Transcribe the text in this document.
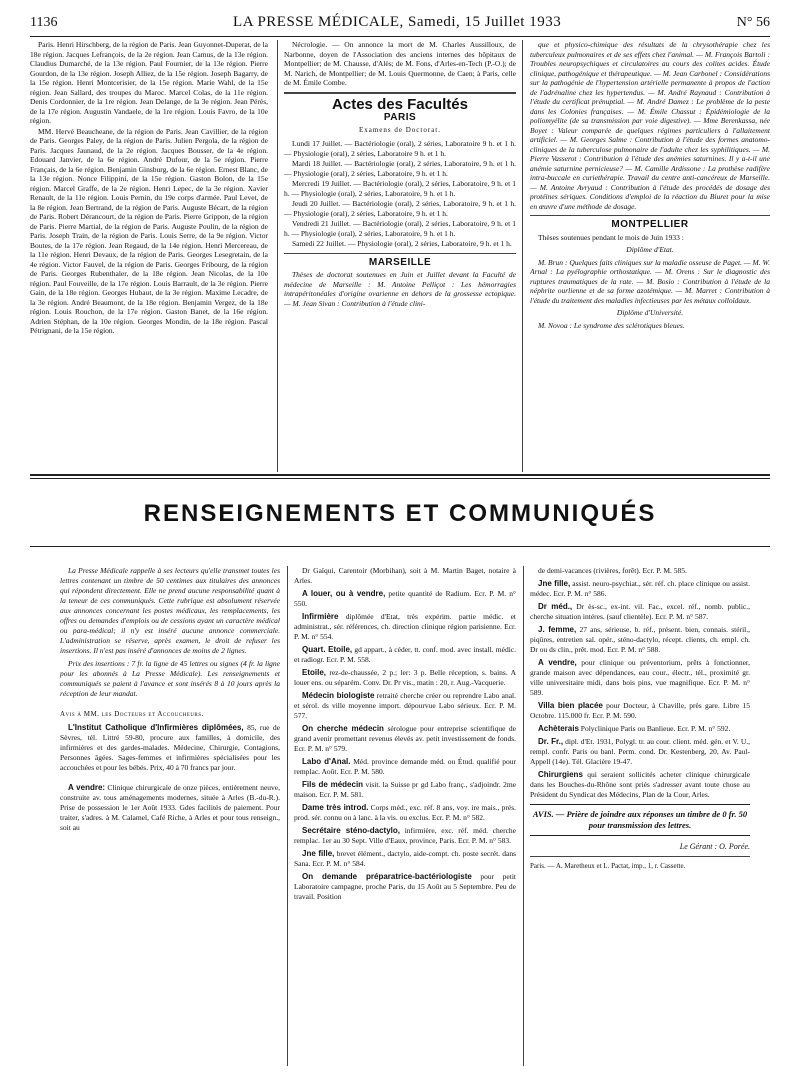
1136	LA PRESSE MÉDICALE, Samedi, 15 Juillet 1933	N° 56

Paris. Henri Hirschberg, de la région de Paris. Jean Guyonnet-Duperat, de la 18e région. Jacques Lefrançois, de la 2e région. Jean Camus, de la 13e région. Claudius Dumarché, de la 13e région. Paul Fournier, de la 13e région. Pierre Gourdon, de la 13e région. Joseph Alliez, de la 15e région. Joseph Bagarry, de la 15e région. Henri Montcerisier, de la 15e région. Marie Wahl, de la 15e région. Jean Sallard, des troupes du Maroc. Marcel Colas, de la 11e région. Denis Cordonnier, de la 1re région. Jean Delange, de la 3e région. Jean Pérès, de la 17e région. Augustin Vandaele, de la 1re région. Louis Favro, de la 10e région.

MM. Hervé Beaucheane, de la région de Paris. Jean Cavillier, de la région de Paris. Georges Paley, de la région de Paris. Julien Pergola, de la région de Paris. Jacques Jaunaud, de la 2e région. Jacques Bousser, de la 4e région. Edouard Janvier, de la 6e région. André Dufour, de la 5e région. Pierre Français, de la 6e région. Benjamin Ginsburg, de la 6e région. Ernest Blanc, de la 13e région. Nonce Filippini, de la 15e région. Gaston Bolon, de la 15e région. Marcel Graffe, de la 2e région. Henri Lepec, de la 3e région. Xavier Renault, de la 11e région. Louis Pernin, du 19e corps d'armée. Paul Levet, de la 8e région. Jean Bertrand, de la région de Paris. Auguste Bécart, de la région de Paris. Robert Dérancourt, de la région de Paris. Pierre Grippon, de la région de Paris. Pierre Martial, de la région de Paris. Auguste Poulin, de la région de Paris. Joseph Train, de la région de Paris. Louis Serre, de la 9e région. Victor Boutes, de la 17e région. Jean Regaud, de la 14e région. Henri Mercereau, de la 11e région. Henri Devaux, de la région de Paris. Georges Lesegretain, de la 4e région. Victor Fauvel, de la région de Paris. Georges Fribourg, de la région de Paris. Georges Rubenthaler, de la 18e région. Jean Nicolas, de la 10e région. Paul Fouveille, de la 17e région. Louis Barrault, de la 3e région. Pierre Gain, de la 18e région. Georges Hubaut, de la 3e région. Maxime Lecadre, de la 3e région. André Beaumont, de la 18e région. Benjamin Vergez, de la 18e région. Louis Rouchon, de la 17e région. Gaston Banet, de la 16e région. Adrien Stéphan, de la 10e région. Georges Mondin, de la 18e région. Pascal Pétrignani, de la 15e région.

Nécrologie. — On annonce la mort de M. Charles Aussilloux, de Narbonne, doyen de l'Association des anciens internes des hôpitaux de Montpellier; de M. Chausse, d'Alès; de M. Fons, d'Arles-en-Tech (P.-O.); de M. Narich, de Montpellier; de M. Louis Quermonne, de Caen; à Paris, celle de M. Émile Combe.

Actes des Facultés
PARIS
Examens de Doctorat.

Lundi 17 Juillet. — Bactériologie (oral), 2 séries, Laboratoire 9 h. et 1 h. — Physiologie (oral), 2 séries, Laboratoire 9 h. et 1 h.

Mardi 18 Juillet. — Bactériologie (oral), 2 séries, Laboratoire, 9 h. et 1 h. — Physiologie (oral), 2 séries, Laboratoire, 9 h. et 1 h.

Mercredi 19 Juillet. — Bactériologie (oral), 2 séries, Laboratoire, 9 h. et 1 h. — Physiologie (oral), 2 séries, Laboratoire, 9 h. et 1 h.

Jeudi 20 Juillet. — Bactériologie (oral), 2 séries, Laboratoire, 9 h. et 1 h. — Physiologie (oral), 2 séries, Laboratoire, 9 h. et 1 h.

Vendredi 21 Juillet. — Bactériologie (oral), 2 séries, Laboratoire, 9 h. et 1 h. — Physiologie (oral), 2 séries, Laboratoire, 9 h. et 1 h.

Samedi 22 Juillet. — Physiologie (oral), 2 séries, Laboratoire, 9 h. et 1 h.

MARSEILLE

Thèses de doctorat soutenues en Juin et Juillet devant la Faculté de médecine de Marseille : M. Antoine Pelliçot : Les hémorragies intrapéritonéales d'origine ovarienne en dehors de la grossesse ectopique. — M. Jean Sivan : Contribution à l'étude clini-

que et physico-chimique des résultats de la chrysothérapie chez les tuberculeux pulmonaires et de ses effets chez l'animal. — M. François Bartoli : Troubles neuropsychiques et circulatoires au cours des colites acides. Étude clinique, pathogénique et thérapeutique. — M. Jean Carbonel : Considérations sur la pathogénie de l'hypertension artérielle permanente à propos de l'action de l'adrénaline chez les hypertendus. — M. André Raynaud : Contribution à l'étude du certificat prénuptial. — M. André Damez : Le problème de la peste dans les Colonies françaises. — M. Émile Chassut : Épidémiologie de la poliomyélite (de sa transmission par voie digestive). — Mme Berenkassa, née Boyet : Valeur comparée de quelques régimes particuliers à l'allaitement artificiel. — M. Georges Salme : Contribution à l'étude des formes anatomo-cliniques de la tuberculose pulmonaire de l'adulte chez les syphilitiques. — M. Pierre Vasserot : Contribution à l'étude des anémies saturnines. Il y a-t-il une anémie saturnine pernicieuse? — M. Camille Ardissone : La prothèse radifère intra-buccale en curiethérapie. Travail du centre anti-cancéreux de Marseille. — M. Antoine Avryaud : Contribution à l'étude des procédés de dosage des protéines sériques. Conditions d'emploi de la réaction du Biuret pour la mise en œuvre d'une méthode de dosage.

MONTPELLIER

Thèses soutenues pendant le mois de Juin 1933 :

Diplôme d'Etat.

M. Brun : Quelques faits cliniques sur la maladie osseuse de Paget. — M. W. Arnal : La pyélographie orthostatique. — M. Orens : Sur le diagnostic des ruptures traumatiques de la rate. — M. Bosio : Contribution à l'étude de la néphrite ourlienne et de sa forme azotémique. — M. Marret : Contribution à l'étude du traitement des maladies infectieuses par les métaux colloïdaux.

Diplôme d'Université.

M. Novoa : Le syndrome des sclérotiques bleues.

RENSEIGNEMENTS ET COMMUNIQUÉS

La Presse Médicale rappelle à ses lecteurs qu'elle transmet toutes les lettres contenant un timbre de 50 centimes aux titulaires des annonces qui répondent directement. Elle ne prend aucune responsabilité quant à la teneur de ces communiqués. Cette rubrique est absolument réservée aux annonces concernant les postes médicaux, les remplacements, les offres ou demandes d'emplois ou de cessions ayant un caractère médical ou para-médical; il n'y est inséré aucune annonce commerciale. L'administration se réserve, après examen, le droit de refuser les insertions. Il n'est pas inséré d'annonces de moins de 2 lignes.

Prix des insertions : 7 fr. la ligne de 45 lettres ou signes (4 fr. la ligne pour les abonnés à La Presse Médicale). Les renseignements et communiqués se paient à l'avance et sont insérés 8 à 10 jours après la réception de leur mandat.

Avis à MM. les Docteurs et Accoucheurs.

L'Institut Catholique d'Infirmières diplômées, 85, rue de Sèvres, tél. Littré 59-80, procure aux familles, à domicile, des infirmières et des gardes-malades. Médecine, Chirurgie, Contagions, Personnes âgées. Sages-femmes et infirmières spécialisées pour les accouchées et pour les bébés. Prix, 40 à 70 francs par jour.

A vendre: Clinique chirurgicale de onze pièces, entièrement neuve, construite av. tous aménagements modernes, située à Arles (B.-du-R.). Prise de possession le 1er Août 1933. Gdes facilités de paiement. Pour traiter, s'adres. à M. Calamel, Café Riche, à Arles et pour tous renseign., soit au

Dr Gaïqui, Carentoir (Morbihan), soit à M. Martin Baget, notaire à Arles.

A louer, ou à vendre, petite quantité de Radium. Ecr. P. M. n° 550.

Infirmière diplômée d'Etat, très expérim. partie médic. et administrat., sér. références, ch. direction clinique région parisienne. Ecr. P. M. n° 554.

Quart. Etoile, gd appart., à céder, tt. conf. mod. avec install. médic. et radiogr. Ecr. P. M. 558.

Etoile, rez-de-chaussée, 2 p.; ler: 3 p. Belle réception, s. bains. A louer ens. ou séparém. Conv. Dr. Pr vis., matin : 20, r. Aug.-Vacquerie.

Médecin biologiste retraité cherche créer ou reprendre Labo anal. et sérol. ds ville moyenne import. dépourvue Labo sérieux. Ecr. P. M. 577.

On cherche médecin sérologue pour entreprise scientifique de grand avenir promettant revenus élevés av. petit investissement de fonds. Ecr. P. M. n° 579.

Labo d'Anal. Méd. province demande méd. ou Étud. qualifié pour remplac. Août. Ecr. P. M. 580.

Fils de médecin visit. la Suisse pr gd Labo franç., s'adjoindr. 2me maison. Ecr. P. M. 581.

Dame très introd. Corps méd., exc. réf. 8 ans, voy. ire mais., prés. prod. sér. connu ou à lanc. à la vis. ou exclus. Ecr. P. M. n° 582.

Secrétaire sténo-dactylo, infirmière, exc. réf. méd. cherche remplac. 1er au 30 Sept. Ville d'Eaux, province, Paris. Ecr. P. M. n° 583.

Jne fille, brevet élément., dactylo, aide-compt. ch. poste secrét. dans Sana. Ecr. P. M. n° 584.

On demande préparatrice-bactériologiste pour petit Laboratoire campagne, proche Paris, du 15 Août au 5 Septembre. Peu de travail. Position

de demi-vacances (rivières, forêt). Ecr. P. M. 585.

Jne fille, assist. neuro-psychiat., sér. réf. ch. place clinique ou assist. médec. Ecr. P. M. n° 586.

Dr méd., Dr ès-sc., ex-int. vil. Fac., excel. réf., nomb. public., cherche situation intéres. (sauf clientèle). Ecr. P. M. n° 587.

J. femme, 27 ans, sérieuse, b. réf., présent. bien, connais. stéril., piqûres, entretien sal. opér., sténo-dactylo, récept. clients, ch. empl. ch. Dr ou ds clin., prêt. mod. Ecr. P. M. n° 588.

A vendre, pour clinique ou préventorium, prêts à fonctionner, grande maison avec dépendances, eau cour., électr., tél., proximité gr. ville universitaire midi, dans bois pins, vue magnifique. Ecr. P. M. n° 589.

Villa bien placée pour Docteur, à Chaville, près gare. Libre 15 Octobre. 115.000 fr. Ecr. P. M. 590.

Achèterais Polyclinique Paris ou Banlieue. Ecr. P. M. n° 592.

Dr. Fr., dipl. d'Et. 1931, Polygl. tr. au cour. client. méd. gén. et V. U., rempl. confr. Paris ou banl. Perm. cond. Dr. Kestenberg, 20, Av. Paul-Appell (14e). Tél. Glacière 19-47.

Chirurgiens qui seraient sollicités acheter clinique chirurgicale dans les Bouches-du-Rhône sont priés s'adresser avant toute chose au Président du Syndicat des Médecins, Plan de la Cour, Arles.

AVIS. — Prière de joindre aux réponses un timbre de 0 fr. 50 pour transmission des lettres.
Le Gérant : O. Porée.
Paris. — A. Maretheux et L. Pactat, imp., 1, r. Cassette.
